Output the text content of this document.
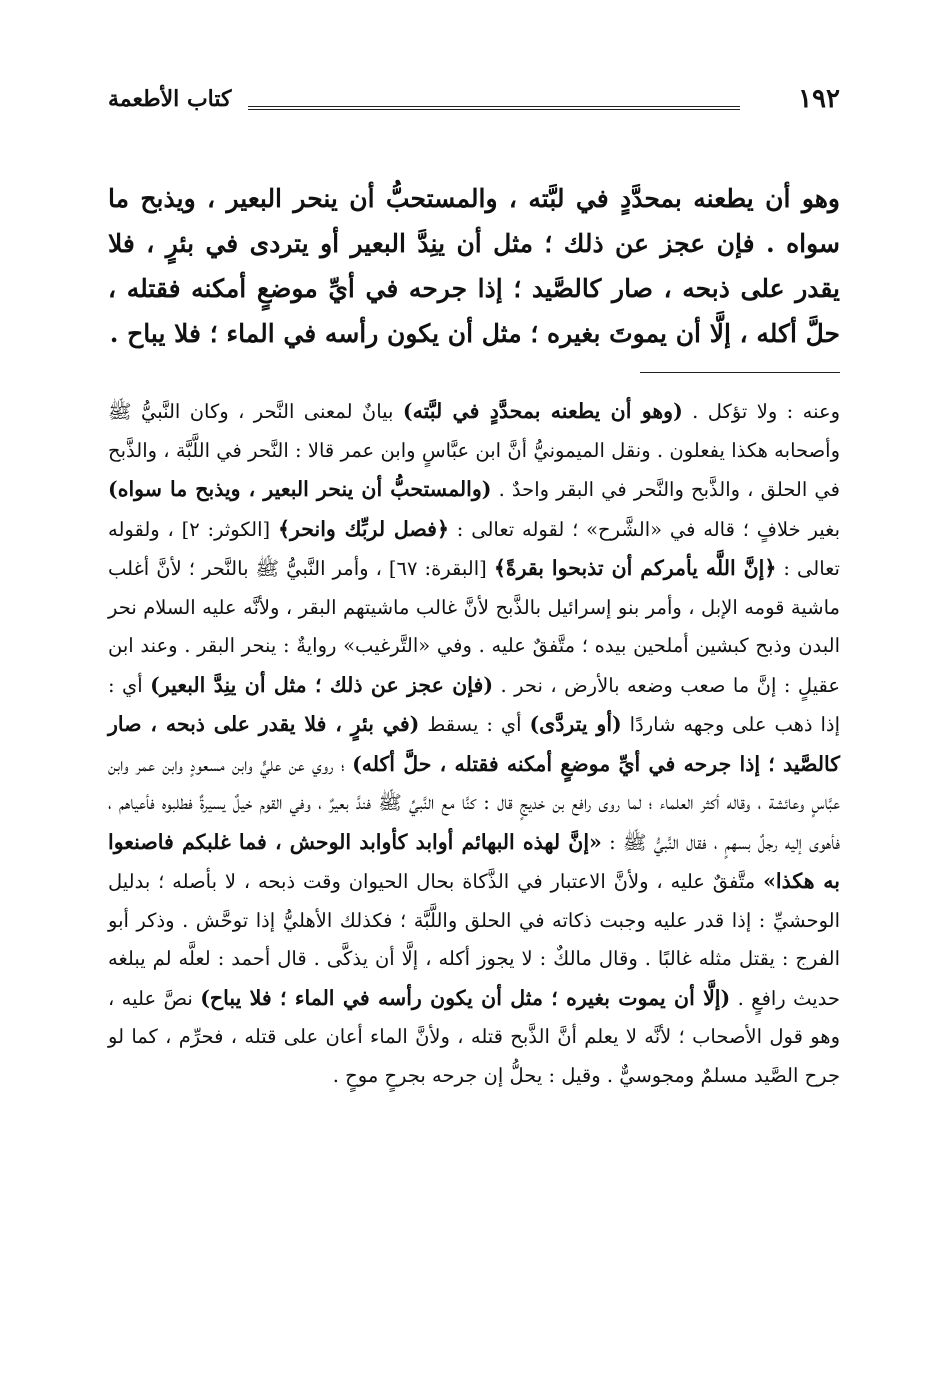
١٩٢
كتاب الأطعمة

وهو أن يطعنه بمحدَّدٍ في لبَّته ، والمستحبُّ أن ينحر البعير ، ويذبح ما سواه . فإن عجز عن ذلك ؛ مثل أن ينِدَّ البعير أو يتردى في بئرٍ ، فلا يقدر على ذبحه ، صار كالصَّيد ؛ إذا جرحه في أيِّ موضعٍ أمكنه فقتله ، حلَّ أكله ، إلَّا أن يموتَ بغيره ؛ مثل أن يكون رأسه في الماء ؛ فلا يباح .

وعنه : ولا تؤكل . (وهو أن يطعنه بمحدَّدٍ في لبَّته) بيانٌ لمعنى النَّحر ، وكان النَّبيُّ ﷺ وأصحابه هكذا يفعلون . ونقل الميمونيُّ أنَّ ابن عبَّاسٍ وابن عمر قالا : النَّحر في اللَّبَّة ، والذَّبح في الحلق ، والذَّبح والنَّحر في البقر واحدٌ . (والمستحبُّ أن ينحر البعير ، ويذبح ما سواه) بغير خلافٍ ؛ قاله في «الشَّرح» ؛ لقوله تعالى : ﴿فصل لربِّك وانحر﴾ [الكوثر: ٢] ، ولقوله تعالى : ﴿إنَّ اللَّه يأمركم أن تذبحوا بقرةً﴾ [البقرة: ٦٧] ، وأمر النَّبيُّ ﷺ بالنَّحر ؛ لأنَّ أغلب ماشية قومه الإبل ، وأمر بنو إسرائيل بالذَّبح لأنَّ غالب ماشيتهم البقر ، ولأنَّه عليه السلام نحر البدن وذبح كبشين أملحين بيده ؛ متَّفقٌ عليه . وفي «التَّرغيب» روايةٌ : ينحر البقر . وعند ابن عقيلٍ : إنَّ ما صعب وضعه بالأرض ، نحر . (فإن عجز عن ذلك ؛ مثل أن ينِدَّ البعير) أي : إذا ذهب على وجهه شاردًا (أو يتردَّى) أي : يسقط (في بئرٍ ، فلا يقدر على ذبحه ، صار كالصَّيد ؛ إذا جرحه في أيِّ موضعٍ أمكنه فقتله ، حلَّ أكله) ؛ روي عن عليٍّ وابن مسعودٍ وابن عمر وابن عبَّاسٍ وعائشة ، وقاله أكثر العلماء ؛ لما روى رافع بن خديجٍ قال : كنَّا مع النَّبيِّ ﷺ فندَّ بعيرٌ ، وفي القوم خيلٌ يسيرةٌ فطلبوه فأعياهم ، فأهوى إليه رجلٌ بسهمٍ ، فقال النَّبيُّ ﷺ : «إنَّ لهذه البهائم أوابد كأوابد الوحش ، فما غلبكم فاصنعوا به هكذا» متَّفقٌ عليه ، ولأنَّ الاعتبار في الذَّكاة بحال الحيوان وقت ذبحه ، لا بأصله ؛ بدليل الوحشيِّ : إذا قدر عليه وجبت ذكاته في الحلق واللَّبَّة ؛ فكذلك الأهليُّ إذا توحَّش . وذكر أبو الفرج : يقتل مثله غالبًا . وقال مالكٌ : لا يجوز أكله ، إلَّا أن يذكَّى . قال أحمد : لعلَّه لم يبلغه حديث رافعٍ . (إلَّا أن يموت بغيره ؛ مثل أن يكون رأسه في الماء ؛ فلا يباح) نصَّ عليه ، وهو قول الأصحاب ؛ لأنَّه لا يعلم أنَّ الذَّبح قتله ، ولأنَّ الماء أعان على قتله ، فحرِّم ، كما لو جرح الصَّيد مسلمٌ ومجوسيٌّ . وقيل : يحلُّ إن جرحه بجرحٍ موحٍ .
